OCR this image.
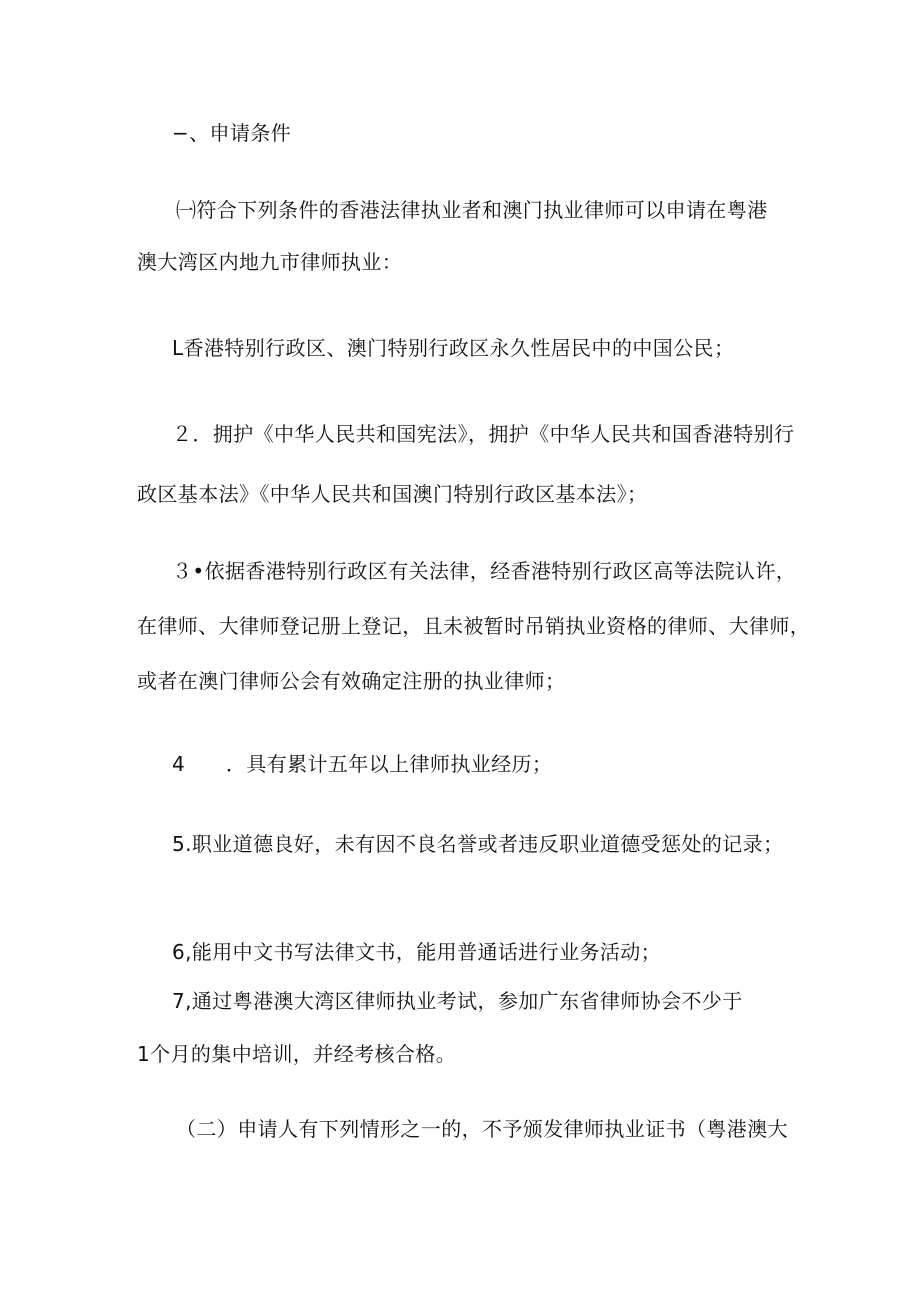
−、申请条件
㈠符合下列条件的香港法律执业者和澳门执业律师可以申请在粤港
澳大湾区内地九市律师执业：
L香港特别行政区、澳门特别行政区永久性居民中的中国公民；
２．拥护《中华人民共和国宪法》，拥护《中华人民共和国香港特别行
政区基本法》《中华人民共和国澳门特别行政区基本法》；
３•依据香港特别行政区有关法律，经香港特别行政区高等法院认许，
在律师、大律师登记册上登记，且未被暂时吊销执业资格的律师、大律师，
或者在澳门律师公会有效确定注册的执业律师；
4　　．具有累计五年以上律师执业经历；
5.职业道德良好，未有因不良名誉或者违反职业道德受惩处的记录；
6,能用中文书写法律文书，能用普通话进行业务活动；
7,通过粤港澳大湾区律师执业考试，参加广东省律师协会不少于
1个月的集中培训，并经考核合格。
（二）申请人有下列情形之一的，不予颁发律师执业证书（粤港澳大
